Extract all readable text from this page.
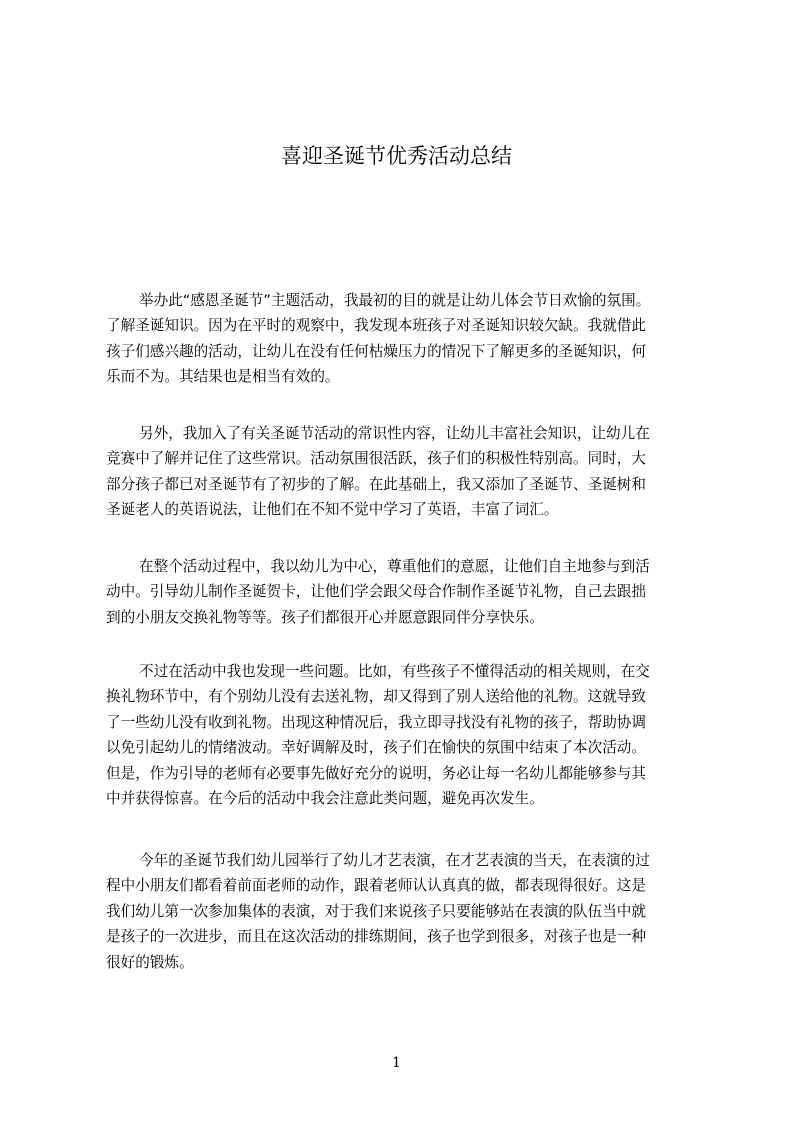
喜迎圣诞节优秀活动总结
举办此“感恩圣诞节”主题活动，我最初的目的就是让幼儿体会节日欢愉的氛围。
了解圣诞知识。因为在平时的观察中，我发现本班孩子对圣诞知识较欠缺。我就借此
孩子们感兴趣的活动，让幼儿在没有任何枯燥压力的情况下了解更多的圣诞知识，何
乐而不为。其结果也是相当有效的。
另外，我加入了有关圣诞节活动的常识性内容，让幼儿丰富社会知识，让幼儿在
竞赛中了解并记住了这些常识。活动氛围很活跃，孩子们的积极性特别高。同时，大
部分孩子都已对圣诞节有了初步的了解。在此基础上，我又添加了圣诞节、圣诞树和
圣诞老人的英语说法，让他们在不知不觉中学习了英语，丰富了词汇。
在整个活动过程中，我以幼儿为中心，尊重他们的意愿，让他们自主地参与到活
动中。引导幼儿制作圣诞贺卡，让他们学会跟父母合作制作圣诞节礼物，自己去跟拙
到的小朋友交换礼物等等。孩子们都很开心并愿意跟同伴分享快乐。
不过在活动中我也发现一些问题。比如，有些孩子不懂得活动的相关规则，在交
换礼物环节中，有个别幼儿没有去送礼物，却又得到了别人送给他的礼物。这就导致
了一些幼儿没有收到礼物。出现这种情况后，我立即寻找没有礼物的孩子，帮助协调
以免引起幼儿的情绪波动。幸好调解及时，孩子们在愉快的氛围中结束了本次活动。
但是，作为引导的老师有必要事先做好充分的说明，务必让每一名幼儿都能够参与其
中并获得惊喜。在今后的活动中我会注意此类问题，避免再次发生。
今年的圣诞节我们幼儿园举行了幼儿才艺表演，在才艺表演的当天，在表演的过
程中小朋友们都看着前面老师的动作，跟着老师认认真真的做，都表现得很好。这是
我们幼儿第一次参加集体的表演，对于我们来说孩子只要能够站在表演的队伍当中就
是孩子的一次进步，而且在这次活动的排练期间，孩子也学到很多，对孩子也是一种
很好的锻炼。
1
